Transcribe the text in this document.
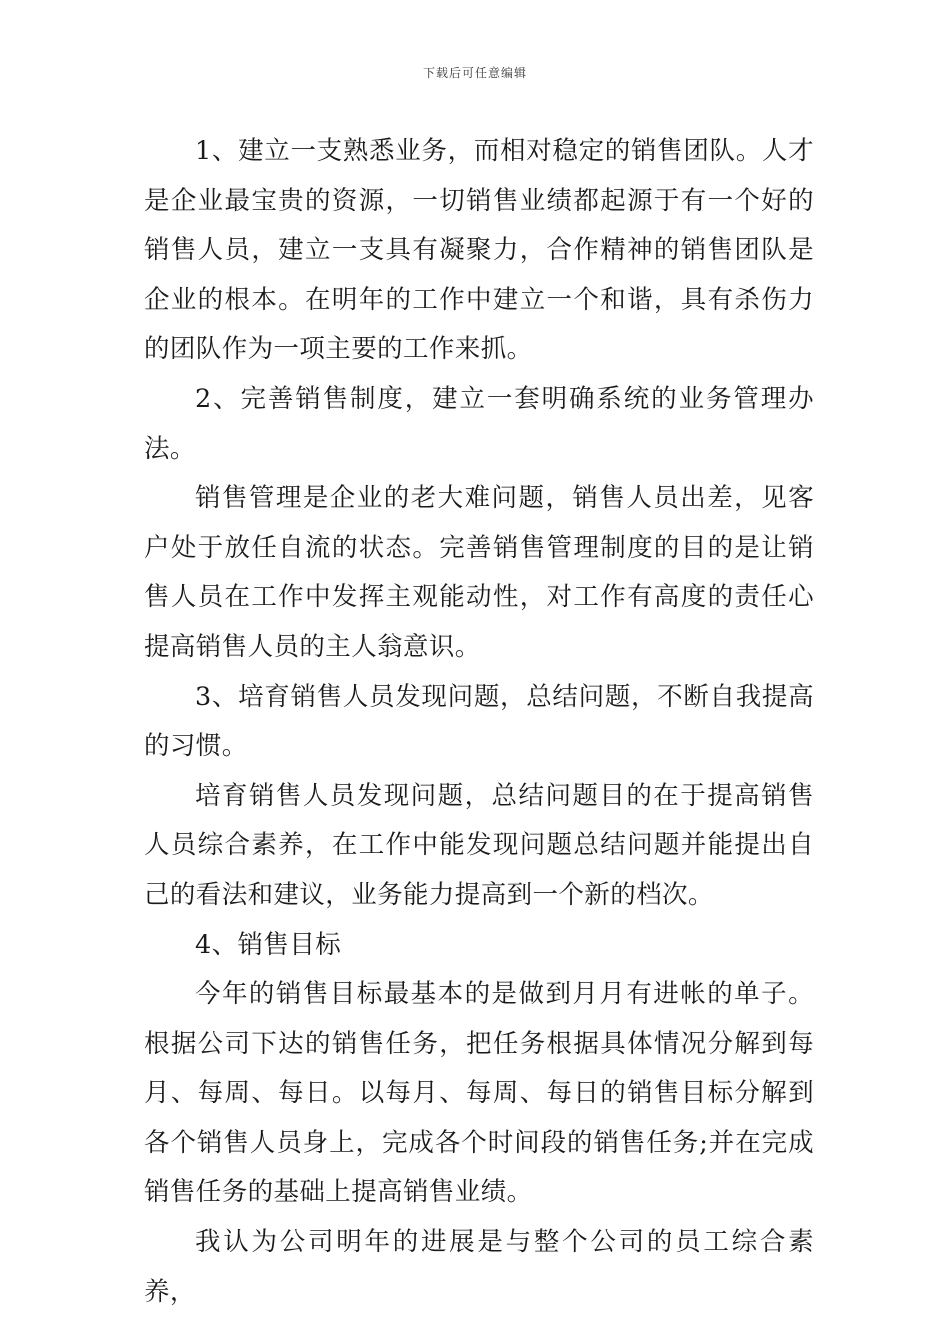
下载后可任意编辑

1、建立一支熟悉业务，而相对稳定的销售团队。人才是企业最宝贵的资源，一切销售业绩都起源于有一个好的销售人员，建立一支具有凝聚力，合作精神的销售团队是企业的根本。在明年的工作中建立一个和谐，具有杀伤力的团队作为一项主要的工作来抓。

2、完善销售制度，建立一套明确系统的业务管理办法。

销售管理是企业的老大难问题，销售人员出差，见客户处于放任自流的状态。完善销售管理制度的目的是让销售人员在工作中发挥主观能动性，对工作有高度的责任心提高销售人员的主人翁意识。

3、培育销售人员发现问题，总结问题，不断自我提高的习惯。

培育销售人员发现问题，总结问题目的在于提高销售人员综合素养，在工作中能发现问题总结问题并能提出自己的看法和建议，业务能力提高到一个新的档次。

4、销售目标

今年的销售目标最基本的是做到月月有进帐的单子。根据公司下达的销售任务，把任务根据具体情况分解到每月、每周、每日。以每月、每周、每日的销售目标分解到各个销售人员身上，完成各个时间段的销售任务;并在完成销售任务的基础上提高销售业绩。

我认为公司明年的进展是与整个公司的员工综合素养，
